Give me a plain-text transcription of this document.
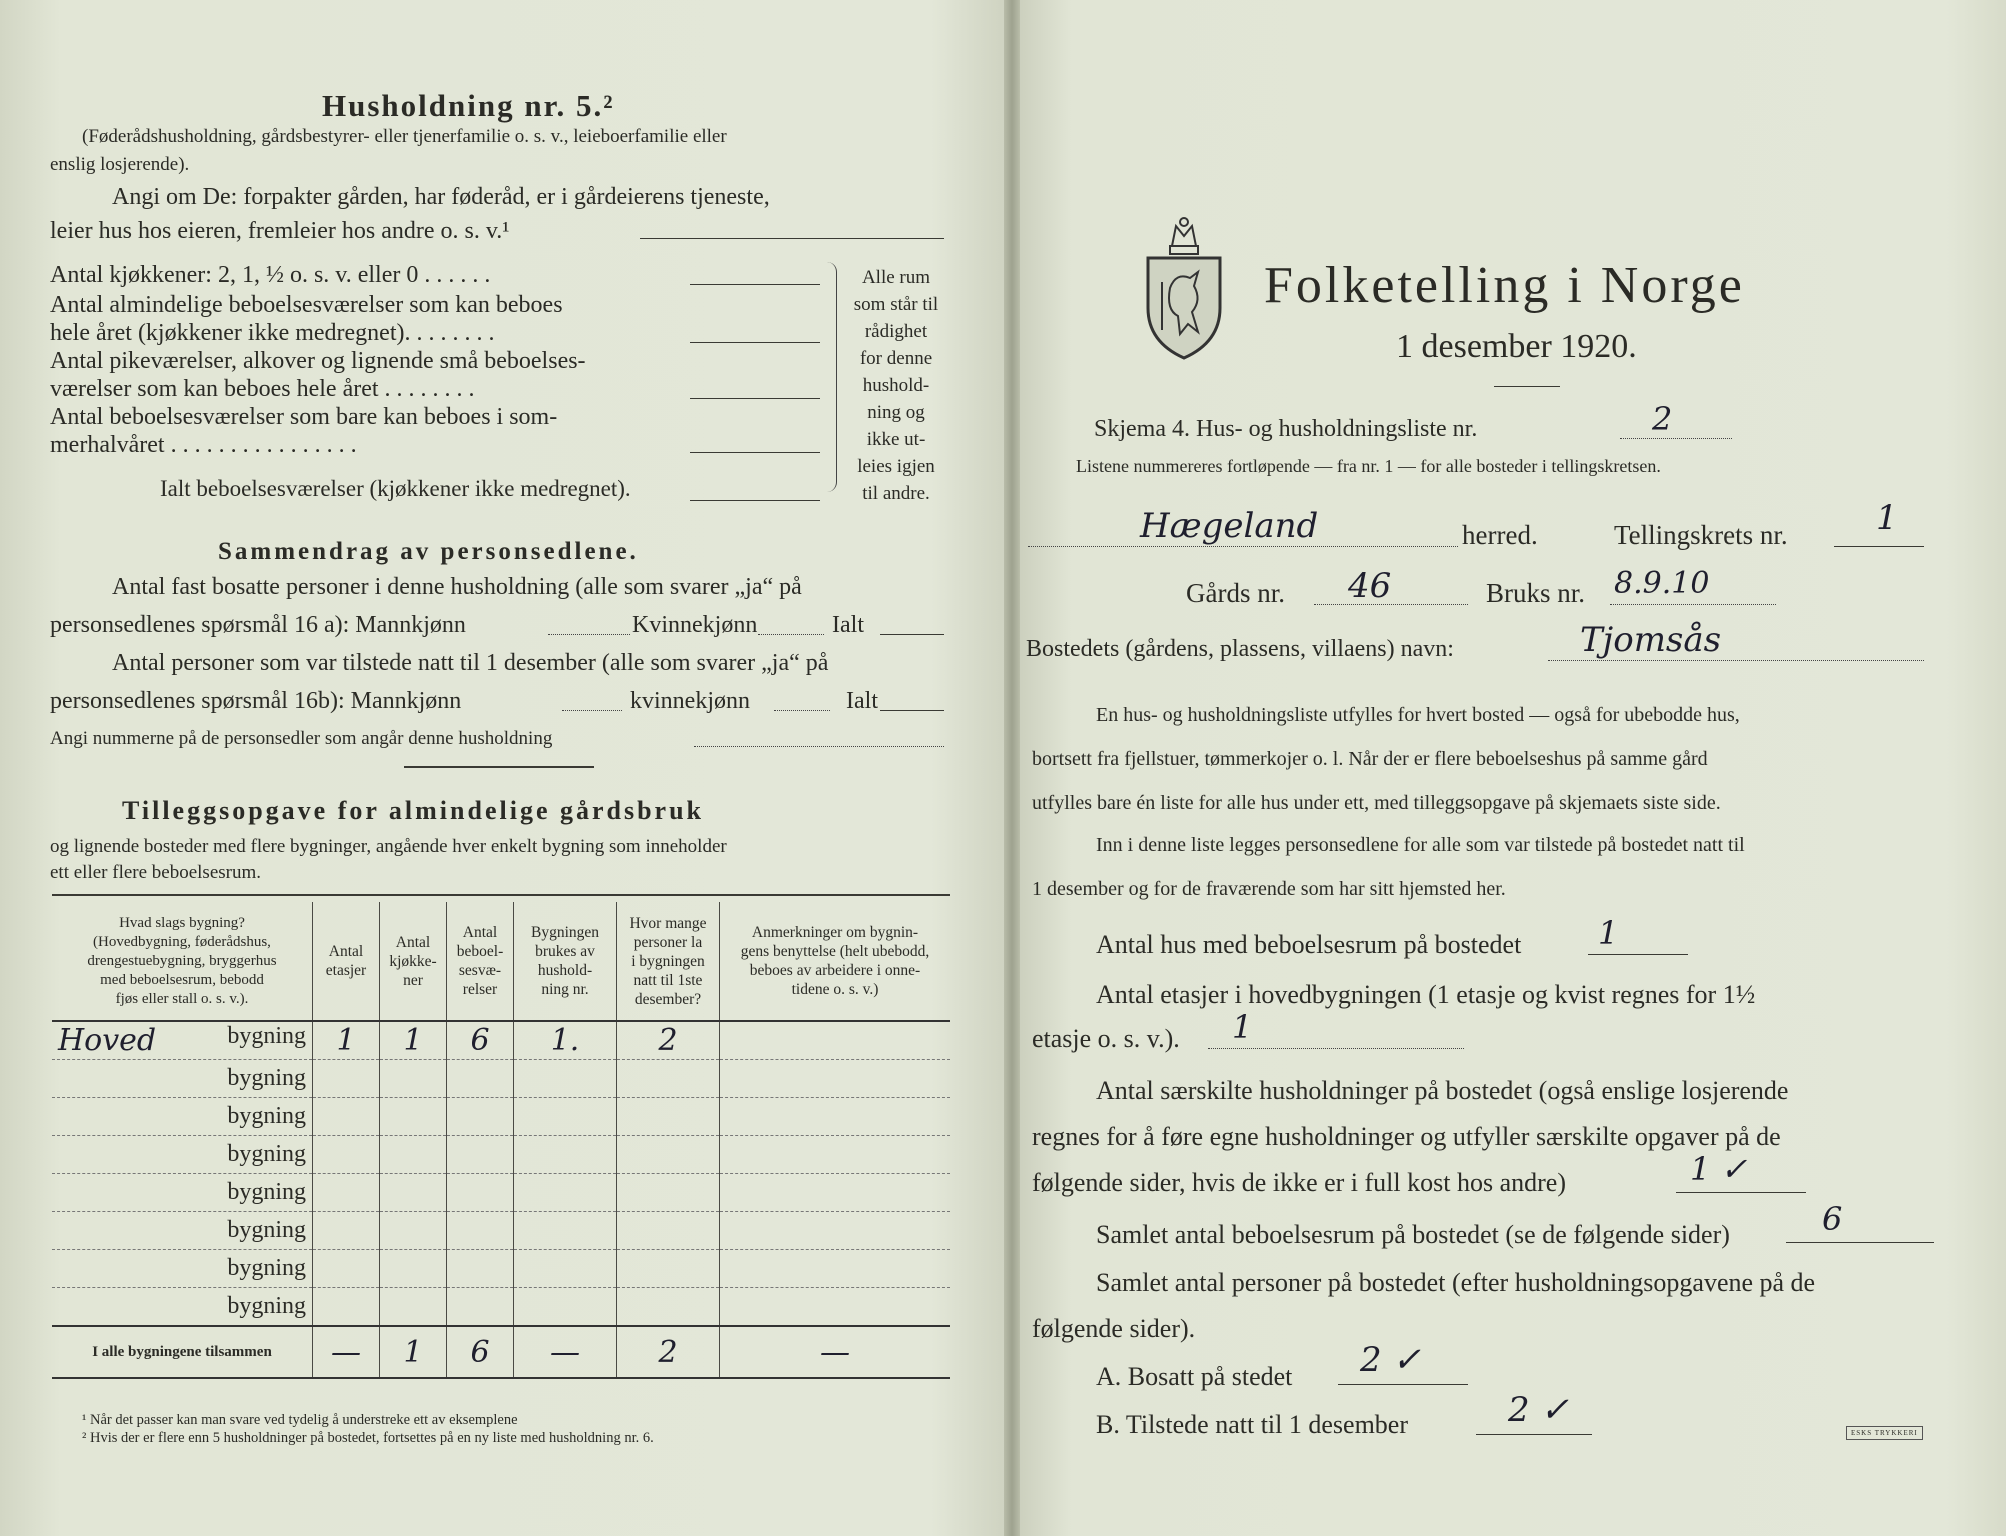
Husholdning nr. 5.²
(Føderådshusholdning, gårdsbestyrer- eller tjenerfamilie o. s. v., leieboerfamilie eller
enslig losjerende).
Angi om De: forpakter gården, har føderåd, er i gårdeierens tjeneste,
leier hus hos eieren, fremleier hos andre o. s. v.¹
Antal kjøkkener: 2, 1, ½ o. s. v. eller 0 . . . . . .
Antal almindelige beboelsesværelser som kan beboes
hele året (kjøkkener ikke medregnet). . . . . . . .
Antal pikeværelser, alkover og lignende små beboelses-
værelser som kan beboes hele året . . . . . . . .
Antal beboelsesværelser som bare kan beboes i som-
merhalvåret . . . . . . . . . . . . . . . .
Ialt beboelsesværelser (kjøkkener ikke medregnet).
Alle rum
som står til
rådighet
for denne
hushold-
ning og
ikke ut-
leies igjen
til andre.
Sammendrag av personsedlene.
Antal fast bosatte personer i denne husholdning (alle som svarer „ja“ på
personsedlenes spørsmål 16 a): Mannkjønn	Kvinnekjønn	Ialt
Antal personer som var tilstede natt til 1 desember (alle som svarer „ja“ på
personsedlenes spørsmål 16b): Mannkjønn	kvinnekjønn	Ialt
Angi nummerne på de personsedler som angår denne husholdning
Tilleggsopgave for almindelige gårdsbruk
og lignende bosteder med flere bygninger, angående hver enkelt bygning som inneholder
ett eller flere beboelsesrum.
Hvad slags bygning?
(Hovedbygning, føderådshus,
drengestuebygning, bryggerhus
med beboelsesrum, bebodd
fjøs eller stall o. s. v.).	Antal
etasjer	Antal
kjøkke-
ner	Antal
beboel-
sesvæ-
relser	Bygningen
brukes av
hushold-
ning nr.	Hvor mange
personer la
i bygningen
natt til 1ste
desember?	Anmerkninger om bygnin-
gens benyttelse (helt ubebodd,
beboes av arbeidere i onne-
tidene o. s. v.)
Hoved bygning	1	1	6	1.	2	
bygning						
bygning						
bygning						
bygning						
bygning						
bygning						
bygning						
I alle bygningene tilsammen	—	1	6	—	2	—
¹ Når det passer kan man svare ved tydelig å understreke ett av eksemplene
² Hvis der er flere enn 5 husholdninger på bostedet, fortsettes på en ny liste med husholdning nr. 6.
Folketelling i Norge
1 desember 1920.
Skjema 4. Hus- og husholdningsliste nr.	2
Listene nummereres fortløpende — fra nr. 1 — for alle bosteder i tellingskretsen.
Hægeland	herred.	Tellingskrets nr.	1
Gårds nr. 46	Bruks nr. 8.9.10
Bostedets (gårdens, plassens, villaens) navn:	Tjomsås
En hus- og husholdningsliste utfylles for hvert bosted — også for ubebodde hus,
bortsett fra fjellstuer, tømmerkojer o. l. Når der er flere beboelseshus på samme gård
utfylles bare én liste for alle hus under ett, med tilleggsopgave på skjemaets siste side.
Inn i denne liste legges personsedlene for alle som var tilstede på bostedet natt til
1 desember og for de fraværende som har sitt hjemsted her.
Antal hus med beboelsesrum på bostedet 1
Antal etasjer i hovedbygningen (1 etasje og kvist regnes for 1½
etasje o. s. v.). 1
Antal særskilte husholdninger på bostedet (også enslige losjerende
regnes for å føre egne husholdninger og utfyller særskilte opgaver på de
følgende sider, hvis de ikke er i full kost hos andre)	1 ✓
Samlet antal beboelsesrum på bostedet (se de følgende sider)	6
Samlet antal personer på bostedet (efter husholdningsopgavene på de
følgende sider).
A. Bosatt på stedet 2 ✓
B. Tilstede natt til 1 desember	2 ✓
ESKS TRYKKERI
